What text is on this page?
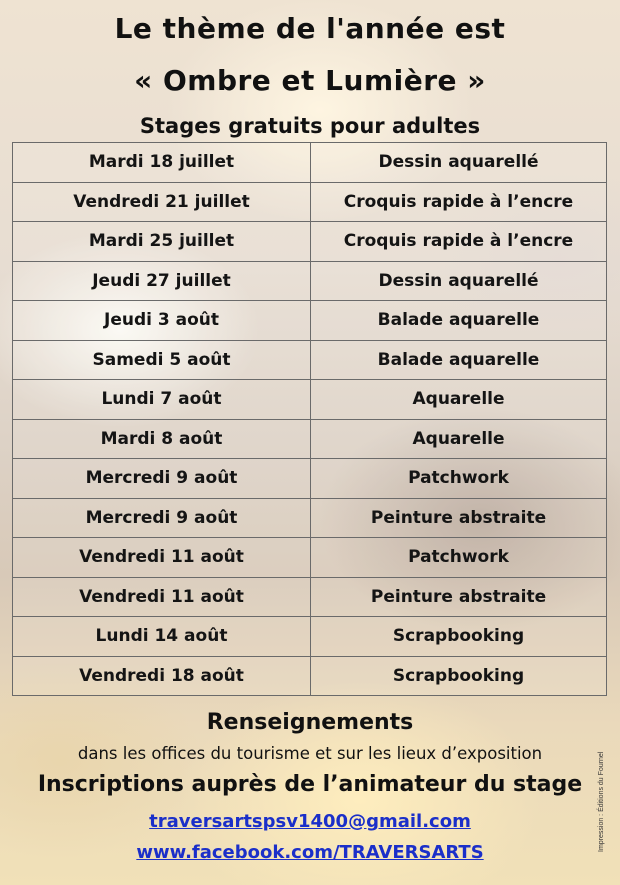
Le thème de l'année est
« Ombre et Lumière »
Stages gratuits pour adultes
Mardi 18 juillet	Dessin aquarellé
Vendredi 21 juillet	Croquis rapide à l’encre
Mardi 25 juillet	Croquis rapide à l’encre
Jeudi 27 juillet	Dessin aquarellé
Jeudi 3 août	Balade aquarelle
Samedi 5 août	Balade aquarelle
Lundi 7 août	Aquarelle
Mardi 8 août	Aquarelle
Mercredi 9 août	Patchwork
Mercredi 9 août	Peinture abstraite
Vendredi 11 août	Patchwork
Vendredi 11 août	Peinture abstraite
Lundi 14 août	Scrapbooking
Vendredi 18 août	Scrapbooking
Renseignements
dans les offices du tourisme et sur les lieux d’exposition
Inscriptions auprès de l’animateur du stage
traversartspsv1400@gmail.com
www.facebook.com/TRAVERSARTS
Impression : Éditions du Fournel
